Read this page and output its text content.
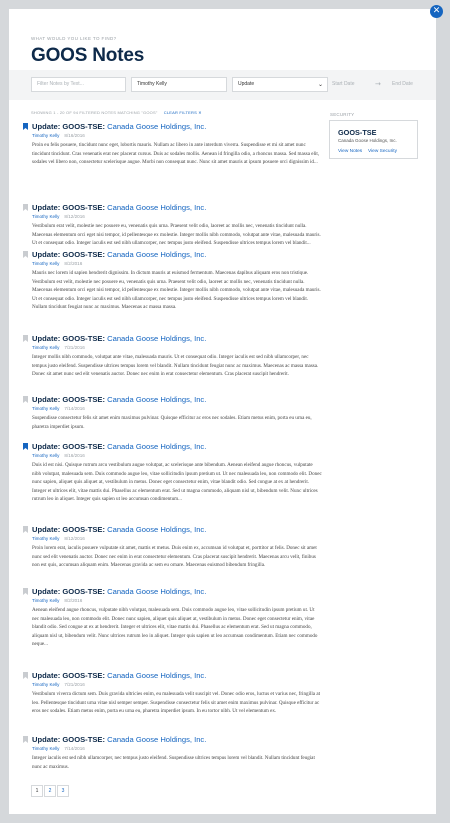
✕
WHAT WOULD YOU LIKE TO FIND?
GOOS Notes
Filter Notes by Text...	Timothy Kelly	Update	⌄ Start Date	→ End Date
SHOWING 1 - 20 OF 94 FILTERED NOTES MATCHING "GOOS" CLEAR FILTERS ✕
Update: GOOS-TSE: Canada Goose Holdings, Inc.
Timothy Kelly 8/16/2016
Proin eu felis posuere, tincidunt nunc eget, lobortis mauris. Nullam ac libero in ante interdum viverra. Suspendisse et mi sit amet nunc tincidunt tincidunt. Cras venenatis erat nec placerat cursus. Duis ac sodales mollis. Aenean id fringilla odio, a rhoncus massa. Sed massa elit, sodales vel libero non, consectetur scelerisque augue. Morbi non consequat nunc. Nunc sit amet mauris at ipsum posuere orci dignissim id...
Update: GOOS-TSE: Canada Goose Holdings, Inc.
Timothy Kelly 8/12/2016
Vestibulum erat velit, molestie nec posuere eu, venenatis quis urna. Praesent velit odio, laoreet ac mollis nec, venenatis tincidunt nulla. Maecenas elementum orci eget nisi tempor, id pellentesque ex molestie. Integer mollis nibh commodo, volutpat ante vitae, malesuada mauris. Ut et consequat odio. Integer iaculis est sed nibh ullamcorper, nec tempus justo eleifend. Suspendisse ultrices tempus lorem vel blandit...
Update: GOOS-TSE: Canada Goose Holdings, Inc.
Timothy Kelly 8/2/2016
Mauris nec lorem id sapien hendrerit dignissim. In dictum mauris at euismod fermentum. Maecenas dapibus aliquam eros non tristique. Vestibulum est velit, molestie nec posuere eu, venenatis quis urna. Praesent velit odio, laoreet ac mollis nec, venenatis tincidunt nulla. Maecenas elementum orci eget nisi tempor, id pellentesque ex molestie. Integer mollis nibh commodo, volutpat ante vitae, malesuada mauris. Ut et consequat odio. Integer iaculis est sed nibh ullamcorper, nec tempus justo eleifend. Suspendisse ultrices tempus lorem vel blandit. Nullam tincidunt feugiat nunc ac maximus. Maecenas ac massa massa.
Update: GOOS-TSE: Canada Goose Holdings, Inc.
Timothy Kelly 7/21/2016
Integer mollis nibh commodo, volutpat ante vitae, malesuada mauris. Ut et consequat odio. Integer iaculis est sed nibh ullamcorper, nec tempus justo eleifend. Suspendisse ultrices tempus lorem vel blandit. Nullam tincidunt feugiat nunc ac maximus. Maecenas ac massa massa. Donec sit amet nunc sed elit venenatis auctor. Donec nec enim in erat consectetur elementum. Cras placerat suscipit hendrerit.
Update: GOOS-TSE: Canada Goose Holdings, Inc.
Timothy Kelly 7/14/2016
Suspendisse consectetur felis sit amet enim maximus pulvinar. Quisque efficitur ac eros nec sodales. Etiam metus enim, porta eu urna eu, pharetra imperdiet ipsum.
Update: GOOS-TSE: Canada Goose Holdings, Inc.
Timothy Kelly 8/16/2016
Duis id est nisi. Quisque rutrum arcu vestibulum augue volutpat, ac scelerisque ante bibendum. Aenean eleifend augue rhoncus, vulputate nibh volutpat, malesuada sem. Duis commodo augue leo, vitae sollicitudin ipsum pretium ut. Ut nec malesuada leo, non commodo elit. Donec nunc sapien, aliquet quis aliquet at, vestibulum in metus. Donec eget consectetur enim, vitae blandit odio. Sed congue at ex at hendrerit. Integer et ultrices elit, vitae mattis dui. Phasellus ac elementum erat. Sed ut magna commodo, aliquam nisl ut, bibendum velit. Nunc ultrices rutrum leo in aliquet. Integer quis sapien ut leo accumsan condimentum...
Update: GOOS-TSE: Canada Goose Holdings, Inc.
Timothy Kelly 8/12/2016
Proin lorem erat, iaculis posuere vulputate sit amet, mattis et metus. Duis enim ex, accumsan id volutpat et, porttitor at felis. Donec sit amet nunc sed elit venenatis auctor. Donec nec enim in erat consectetur elementum. Cras placerat suscipit hendrerit. Maecenas arcu velit, finibus non est quis, accumsan aliquam enim. Maecenas gravida ac sem eu ornare. Maecenas euismod bibendum fringilla.
Update: GOOS-TSE: Canada Goose Holdings, Inc.
Timothy Kelly 8/2/2016
Aenean eleifend augue rhoncus, vulputate nibh volutpat, malesuada sem. Duis commodo augue leo, vitae sollicitudin ipsum pretium ut. Ut nec malesuada leo, non commodo elit. Donec nunc sapien, aliquet quis aliquet at, vestibulum in metus. Donec eget consectetur enim, vitae blandit odio. Sed congue at ex at hendrerit. Integer et ultrices elit, vitae mattis dui. Phasellus ac elementum erat. Sed ut magna commodo, aliquam nisl ut, bibendum velit. Nunc ultrices rutrum leo in aliquet. Integer quis sapien ut leo accumsan condimentum. Etiam nec commodo neque...
Update: GOOS-TSE: Canada Goose Holdings, Inc.
Timothy Kelly 7/21/2016
Vestibulum viverra dictum sem. Duis gravida ultricies enim, eu malesuada velit suscipit vel. Donec odio eros, luctus et varius nec, fringilla at leo. Pellentesque tincidunt urna vitae nisl semper semper. Suspendisse consectetur felis sit amet enim maximus pulvinar. Quisque efficitur ac eros nec sodales. Etiam metus enim, porta eu urna eu, pharetra imperdiet ipsum. In eu tortor nibh. Ut vel elementum ex.
Update: GOOS-TSE: Canada Goose Holdings, Inc.
Timothy Kelly 7/14/2016
Integer iaculis est sed nibh ullamcorper, nec tempus justo eleifend. Suspendisse ultrices tempus lorem vel blandit. Nullam tincidunt feugiat nunc ac maximus.
SECURITY
GOOS-TSE
Canada Goose Holdings, Inc.
View Notes View Security
1	2	3
